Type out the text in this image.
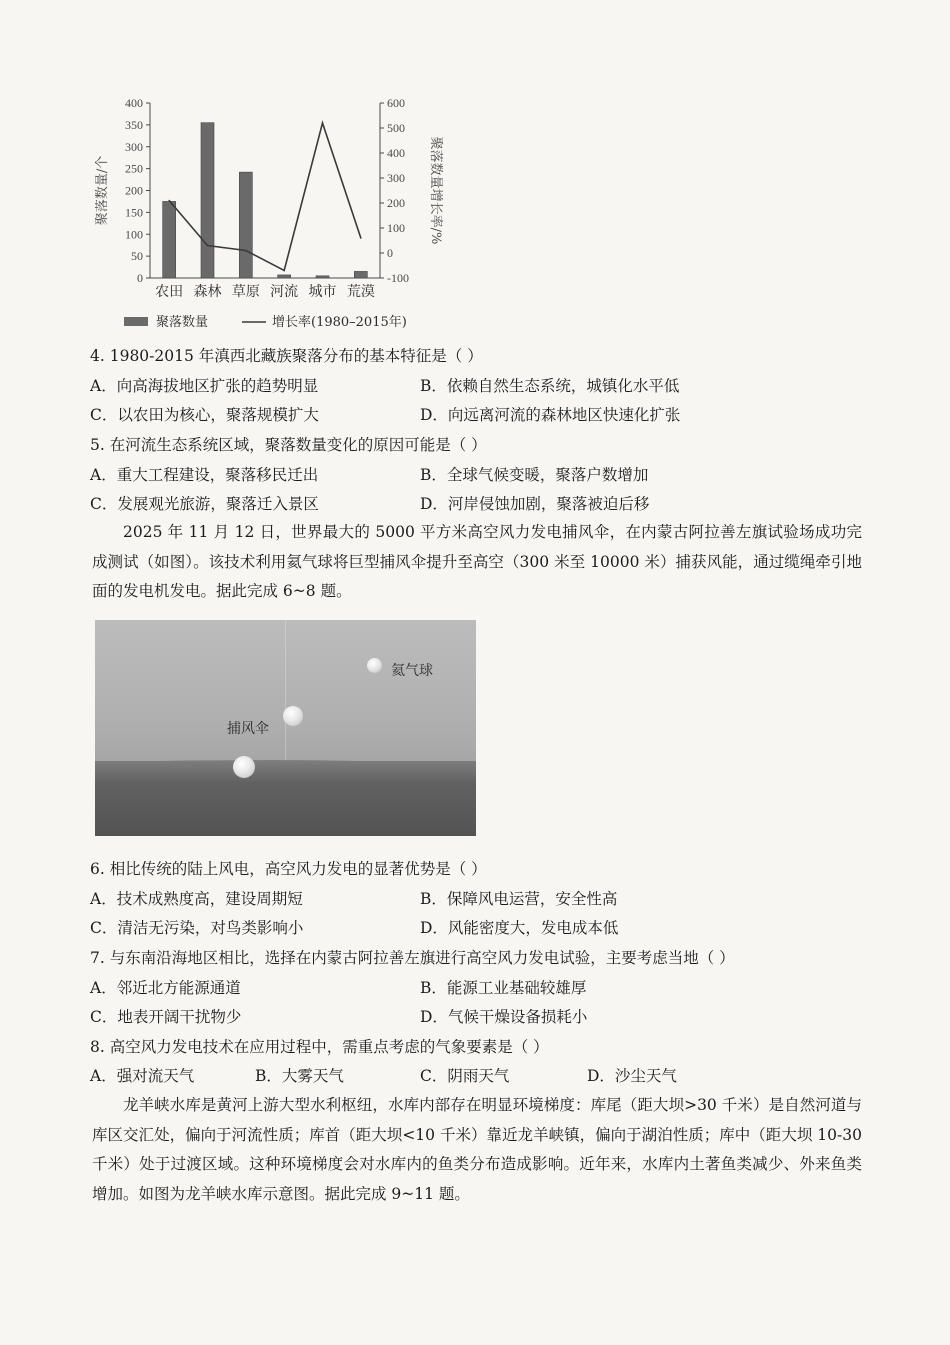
0
50
100
150
200
250
300
350
400
-100
0
100
200
300
400
500
600
聚落数量/个	聚落数量增长率/%
农田 森林 草原 河流 城市 荒漠
聚落数量	增长率(1980–2015年)
4. 1980-2015 年滇西北藏族聚落分布的基本特征是（ ）
A．向高海拔地区扩张的趋势明显	B．依赖自然生态系统，城镇化水平低
C．以农田为核心，聚落规模扩大	D．向远离河流的森林地区快速化扩张
5. 在河流生态系统区域，聚落数量变化的原因可能是（ ）
A．重大工程建设，聚落移民迁出	B．全球气候变暖，聚落户数增加
C．发展观光旅游，聚落迁入景区	D．河岸侵蚀加剧，聚落被迫后移
2025 年 11 月 12 日，世界最大的 5000 平方米高空风力发电捕风伞，在内蒙古阿拉善左旗试验场成功完成测试（如图）。该技术利用氦气球将巨型捕风伞提升至高空（300 米至 10000 米）捕获风能，通过缆绳牵引地面的发电机发电。据此完成 6~8 题。
氦气球
捕风伞
6. 相比传统的陆上风电，高空风力发电的显著优势是（ ）
A．技术成熟度高，建设周期短	B．保障风电运营，安全性高
C．清洁无污染，对鸟类影响小	D．风能密度大，发电成本低
7. 与东南沿海地区相比，选择在内蒙古阿拉善左旗进行高空风力发电试验，主要考虑当地（ ）
A．邻近北方能源通道	B．能源工业基础较雄厚
C．地表开阔干扰物少	D．气候干燥设备损耗小
8. 高空风力发电技术在应用过程中，需重点考虑的气象要素是（ ）
A．强对流天气	B．大雾天气	C．阴雨天气	D．沙尘天气
龙羊峡水库是黄河上游大型水利枢纽，水库内部存在明显环境梯度：库尾（距大坝>30 千米）是自然河道与库区交汇处，偏向于河流性质；库首（距大坝<10 千米）靠近龙羊峡镇，偏向于湖泊性质；库中（距大坝 10-30 千米）处于过渡区域。这种环境梯度会对水库内的鱼类分布造成影响。近年来，水库内土著鱼类减少、外来鱼类增加。如图为龙羊峡水库示意图。据此完成 9~11 题。
